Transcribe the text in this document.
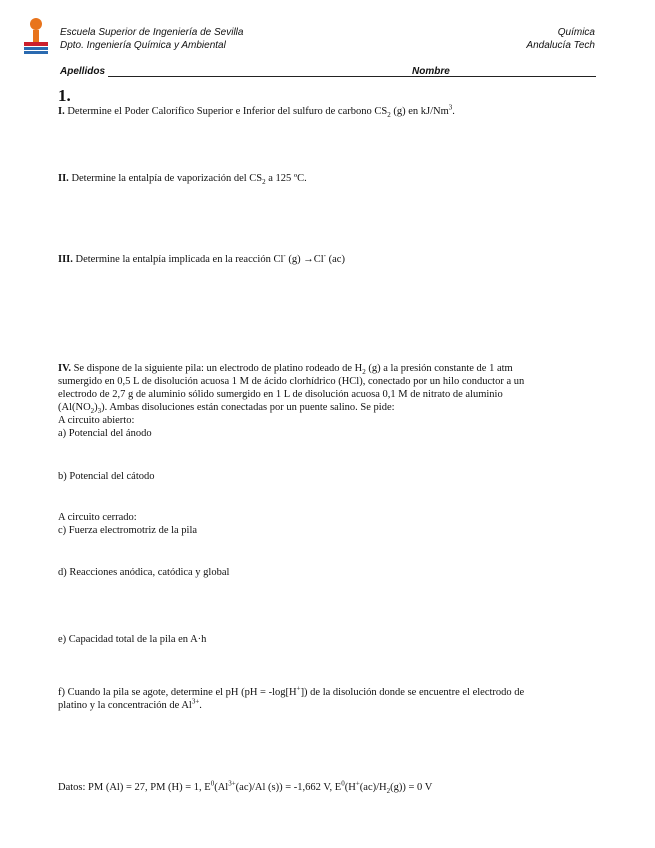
Escuela Superior de Ingeniería de Sevilla
Dpto. Ingeniería Química y Ambiental
Química
Andalucía Tech
Apellidos	Nombre
1.
I. Determine el Poder Calorífico Superior e Inferior del sulfuro de carbono $CS_2$ (g) en kJ/Nm$^3$.
II. Determine la entalpía de vaporización del $CS_2$ a 125 ºC.
III. Determine la entalpía implicada en la reacción Cl- (g) →Cl- (ac)
IV. Se dispone de la siguiente pila: un electrodo de platino rodeado de $H_2$ (g) a la presión constante de 1 atm
sumergido en 0,5 L de disolución acuosa 1 M de ácido clorhídrico (HCl), conectado por un hilo conductor a un
electrodo de 2,7 g de aluminio sólido sumergido en 1 L de disolución acuosa 0,1 M de nitrato de aluminio
$(Al(NO_2)_3)$. Ambas disoluciones están conectadas por un puente salino. Se pide:
A circuito abierto:
a) Potencial del ánodo
b) Potencial del cátodo
A circuito cerrado:
c) Fuerza electromotriz de la pila
d) Reacciones anódica, catódica y global
e) Capacidad total de la pila en A·h
f) Cuando la pila se agote, determine el pH (pH = -log[H+]) de la disolución donde se encuentre el electrodo de
platino y la concentración de $Al^{3+}$.
Datos: PM (Al) = 27, PM (H) = 1, $E^0(Al^{3+}(ac)/Al$ (s)) = -1,662 V, $E^0(H^+(ac)/H_2(g)) = 0$ V
